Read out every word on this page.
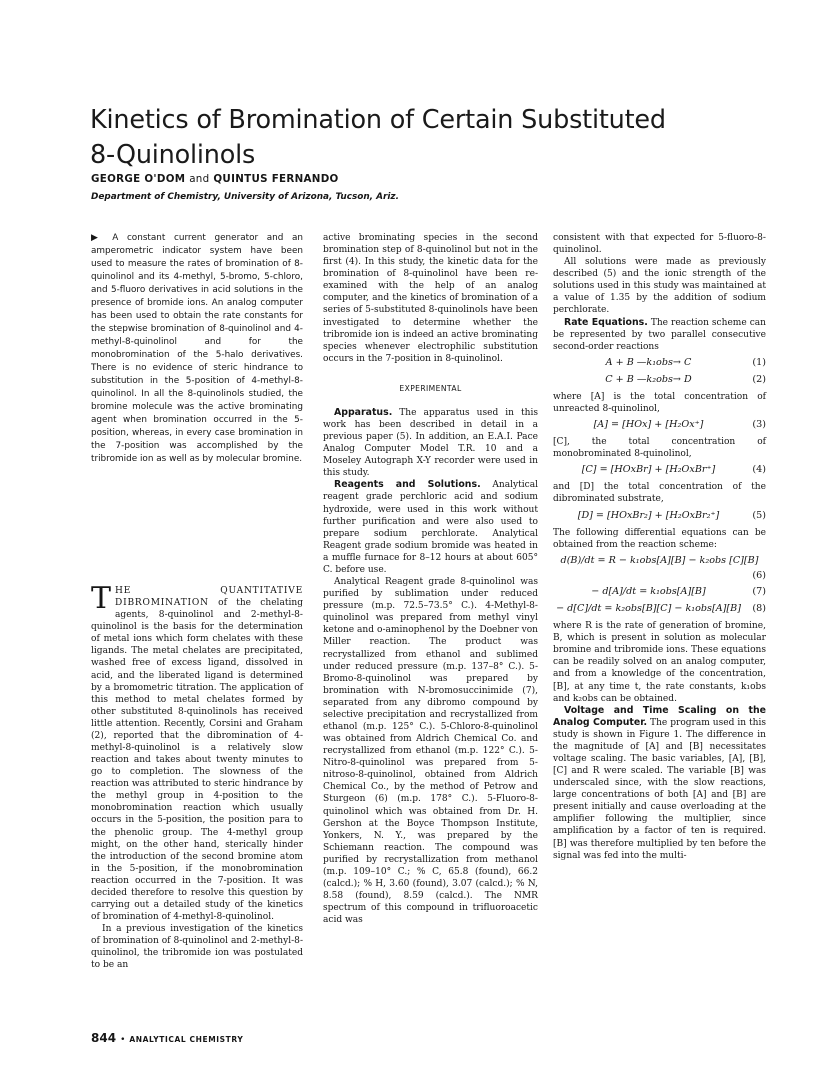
Kinetics of Bromination of Certain Substituted
8-Quinolinols
GEORGE O'DOM and QUINTUS FERNANDO
Department of Chemistry, University of Arizona, Tucson, Ariz.

▶ A constant current generator and an amperometric indicator system have been used to measure the rates of bromination of 8-quinolinol and its 4-methyl, 5-bromo, 5-chloro, and 5-fluoro derivatives in acid solutions in the presence of bromide ions. An analog computer has been used to obtain the rate constants for the stepwise bromination of 8-quinolinol and 4-methyl-8-quinolinol and for the monobromination of the 5-halo derivatives. There is no evidence of steric hindrance to substitution in the 5-position of 4-methyl-8-quinolinol. In all the 8-quinolinols studied, the bromine molecule was the active brominating agent when bromination occurred in the 5-position, whereas, in every case bromination in the 7-position was accomplished by the tribromide ion as well as by molecular bromine.

THE QUANTITATIVE DIBROMINATION of the chelating agents, 8-quinolinol and 2-methyl-8-quinolinol is the basis for the determination of metal ions which form chelates with these ligands. The metal chelates are precipitated, washed free of excess ligand, dissolved in acid, and the liberated ligand is determined by a bromometric titration. The application of this method to metal chelates formed by other substituted 8-quinolinols has received little attention. Recently, Corsini and Graham (2), reported that the dibromination of 4-methyl-8-quinolinol is a relatively slow reaction and takes about twenty minutes to go to completion. The slowness of the reaction was attributed to steric hindrance by the methyl group in 4-position to the monobromination reaction which usually occurs in the 5-position, the position para to the phenolic group. The 4-methyl group might, on the other hand, sterically hinder the introduction of the second bromine atom in the 5-position, if the monobromination reaction occurred in the 7-position. It was decided therefore to resolve this question by carrying out a detailed study of the kinetics of bromination of 4-methyl-8-quinolinol.

In a previous investigation of the kinetics of bromination of 8-quinolinol and 2-methyl-8-quinolinol, the tribromide ion was postulated to be an

active brominating species in the second bromination step of 8-quinolinol but not in the first (4). In this study, the kinetic data for the bromination of 8-quinolinol have been re-examined with the help of an analog computer, and the kinetics of bromination of a series of 5-substituted 8-quinolinols have been investigated to determine whether the tribromide ion is indeed an active brominating species whenever electrophilic substitution occurs in the 7-position in 8-quinolinol.

EXPERIMENTAL

Apparatus. The apparatus used in this work has been described in detail in a previous paper (5). In addition, an E.A.I. Pace Analog Computer Model T.R. 10 and a Moseley Autograph X-Y recorder were used in this study.

Reagents and Solutions. Analytical reagent grade perchloric acid and sodium hydroxide, were used in this work without further purification and were also used to prepare sodium perchlorate. Analytical Reagent grade sodium bromide was heated in a muffle furnace for 8–12 hours at about 605° C. before use.

Analytical Reagent grade 8-quinolinol was purified by sublimation under reduced pressure (m.p. 72.5–73.5° C.). 4-Methyl-8-quinolinol was prepared from methyl vinyl ketone and o-aminophenol by the Doebner von Miller reaction. The product was recrystallized from ethanol and sublimed under reduced pressure (m.p. 137–8° C.). 5-Bromo-8-quinolinol was prepared by bromination with N-bromosuccinimide (7), separated from any dibromo compound by selective precipitation and recrystallized from ethanol (m.p. 125° C.). 5-Chloro-8-quinolinol was obtained from Aldrich Chemical Co. and recrystallized from ethanol (m.p. 122° C.). 5-Nitro-8-quinolinol was prepared from 5-nitroso-8-quinolinol, obtained from Aldrich Chemical Co., by the method of Petrow and Sturgeon (6) (m.p. 178° C.). 5-Fluoro-8-quinolinol which was obtained from Dr. H. Gershon at the Boyce Thompson Institute, Yonkers, N. Y., was prepared by the Schiemann reaction. The compound was purified by recrystallization from methanol (m.p. 109–10° C.; % C, 65.8 (found), 66.2 (calcd.); % H, 3.60 (found), 3.07 (calcd.); % N, 8.58 (found), 8.59 (calcd.). The NMR spectrum of this compound in trifluoroacetic acid was

consistent with that expected for 5-fluoro-8-quinolinol.

All solutions were made as previously described (5) and the ionic strength of the solutions used in this study was maintained at a value of 1.35 by the addition of sodium perchlorate.

Rate Equations. The reaction scheme can be represented by two parallel consecutive second-order reactions

A + B —k₁obs→ C	(1)
C + B —k₂obs→ D	(2)

where [A] is the total concentration of unreacted 8-quinolinol,

[A] = [HOx] + [H₂Ox⁺]	(3)

[C], the total concentration of monobrominated 8-quinolinol,

[C] = [HOxBr] + [H₂OxBr⁺]	(4)

and [D] the total concentration of the dibrominated substrate,

[D] = [HOxBr₂] + [H₂OxBr₂⁺]	(5)

The following differential equations can be obtained from the reaction scheme:

d(B)/dt = R − k₁obs[A][B] − k₂obs [C][B]
(6)
− d[A]/dt = k₁obs[A][B]	(7)
− d[C]/dt = k₂obs[B][C] − k₁obs[A][B]	(8)

where R is the rate of generation of bromine, B, which is present in solution as molecular bromine and tribromide ions. These equations can be readily solved on an analog computer, and from a knowledge of the concentration, [B], at any time t, the rate constants, k₁obs and k₂obs can be obtained.

Voltage and Time Scaling on the Analog Computer. The program used in this study is shown in Figure 1. The difference in the magnitude of [A] and [B] necessitates voltage scaling. The basic variables, [A], [B], [C] and R were scaled. The variable [B] was underscaled since, with the slow reactions, large concentrations of both [A] and [B] are present initially and cause overloading at the amplifier following the multiplier, since amplification by a factor of ten is required. [B] was therefore multiplied by ten before the signal was fed into the multi-

844 • ANALYTICAL CHEMISTRY
